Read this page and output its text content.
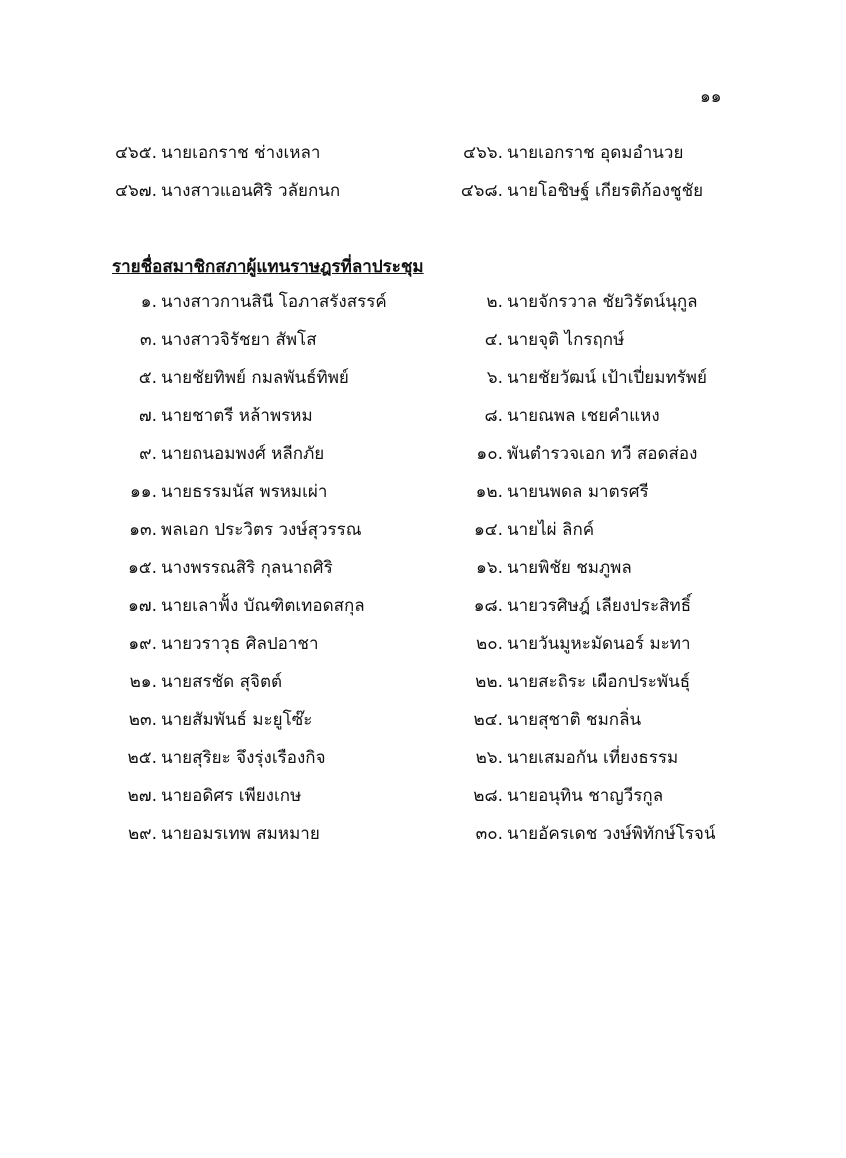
๑๑
๔๖๕. นายเอกราช ช่างเหลา	๔๖๖. นายเอกราช อุดมอำนวย
๔๖๗. นางสาวแอนศิริ วลัยกนก	๔๖๘. นายโอชิษฐ์ เกียรติก้องชูชัย
รายชื่อสมาชิกสภาผู้แทนราษฎรที่ลาประชุม
๑. นางสาวกานสินี โอภาสรังสรรค์	๒. นายจักรวาล ชัยวิรัตน์นุกูล
๓. นางสาวจิรัชยา สัพโส	๔. นายจุติ ไกรฤกษ์
๕. นายชัยทิพย์ กมลพันธ์ทิพย์	๖. นายชัยวัฒน์ เป้าเปี่ยมทรัพย์
๗. นายชาตรี หล้าพรหม	๘. นายณพล เชยคำแหง
๙. นายถนอมพงศ์ หลีกภัย	๑๐. พันตำรวจเอก ทวี สอดส่อง
๑๑. นายธรรมนัส พรหมเผ่า	๑๒. นายนพดล มาตรศรี
๑๓. พลเอก ประวิตร วงษ์สุวรรณ	๑๔. นายไผ่ ลิกค์
๑๕. นางพรรณสิริ กุลนาถศิริ	๑๖. นายพิชัย ชมภูพล
๑๗. นายเลาฟั้ง บัณฑิตเทอดสกุล	๑๘. นายวรศิษฎ์ เลียงประสิทธิ์
๑๙. นายวราวุธ ศิลปอาชา	๒๐. นายวันมูหะมัดนอร์ มะทา
๒๑. นายสรชัด สุจิตต์	๒๒. นายสะถิระ เผือกประพันธุ์
๒๓. นายสัมพันธ์ มะยูโซ๊ะ	๒๔. นายสุชาติ ชมกลิ่น
๒๕. นายสุริยะ จึงรุ่งเรืองกิจ	๒๖. นายเสมอกัน เที่ยงธรรม
๒๗. นายอดิศร เพียงเกษ	๒๘. นายอนุทิน ชาญวีรกูล
๒๙. นายอมรเทพ สมหมาย	๓๐. นายอัครเดช วงษ์พิทักษ์โรจน์
